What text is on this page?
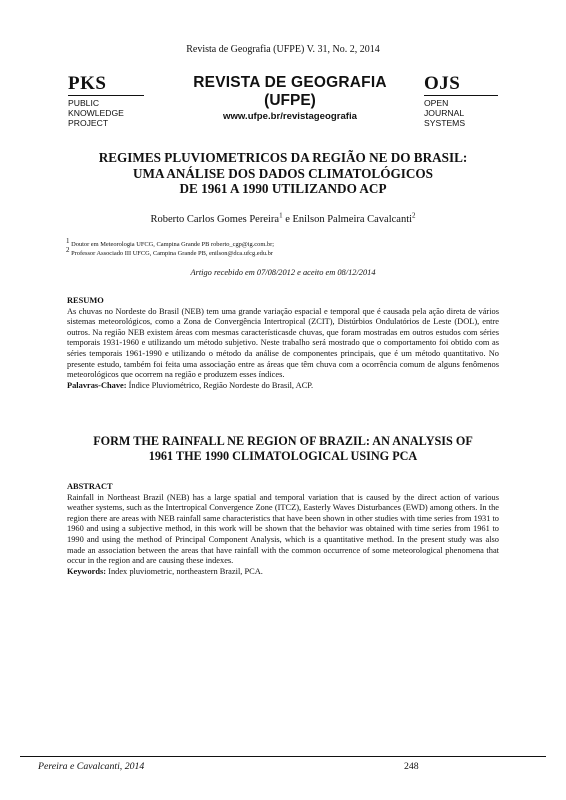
Revista de Geografia (UFPE) V. 31, No. 2, 2014
PKS
PUBLIC
KNOWLEDGE
PROJECT
REVISTA DE GEOGRAFIA
(UFPE)
www.ufpe.br/revistageografia
OJS
OPEN
JOURNAL
SYSTEMS
REGIMES PLUVIOMETRICOS DA REGIÃO NE DO BRASIL:
UMA ANÁLISE DOS DADOS CLIMATOLÓGICOS
DE 1961 A 1990 UTILIZANDO ACP
Roberto Carlos Gomes Pereira$^1$ e Enilson Palmeira Cavalcanti$^2$
$^1$ Doutor em Meteorologia UFCG, Campina Grande PB roberto_cgp@ig.com.br;
$^2$ Professor Associado III UFCG, Campina Grande PB, enilson@dca.ufcg.edu.br
Artigo recebido em 07/08/2012 e aceito em 08/12/2014
RESUMO
As chuvas no Nordeste do Brasil (NEB) tem uma grande variação espacial e temporal que é causada pela ação direta de vários sistemas meteorológicos, como a Zona de Convergência Intertropical (ZCIT), Distúrbios Ondulatórios de Leste (DOL), entre outros. Na região NEB existem áreas com mesmas característicasde chuvas, que foram mostradas em outros estudos com séries temporais 1931-1960 e utilizando um método subjetivo. Neste trabalho será mostrado que o comportamento foi obtido com as séries temporais 1961-1990 e utilizando o método da análise de componentes principais, que é um método quantitativo. No presente estudo, também foi feita uma associação entre as áreas que têm chuva com a ocorrência comum de alguns fenômenos meteorológicos que ocorrem na região e produzem esses índices.
Palavras-Chave: Índice Pluviométrico, Região Nordeste do Brasil, ACP.
FORM THE RAINFALL NE REGION OF BRAZIL: AN ANALYSIS OF
1961 THE 1990 CLIMATOLOGICAL USING PCA
ABSTRACT
Rainfall in Northeast Brazil (NEB) has a large spatial and temporal variation that is caused by the direct action of various weather systems, such as the Intertropical Convergence Zone (ITCZ), Easterly Waves Disturbances (EWD) among others. In the region there are areas with NEB rainfall same characteristics that have been shown in other studies with time series from 1931 to 1960 and using a subjective method, in this work will be shown that the behavior was obtained with time series from 1961 to 1990 and using the method of Principal Component Analysis, which is a quantitative method. In the present study was also made an association between the areas that have rainfall with the common occurrence of some meteorological phenomena that occur in the region and are causing these indexes.
Keywords: Index pluviometric, northeastern Brazil, PCA.
Pereira e Cavalcanti, 2014	248
